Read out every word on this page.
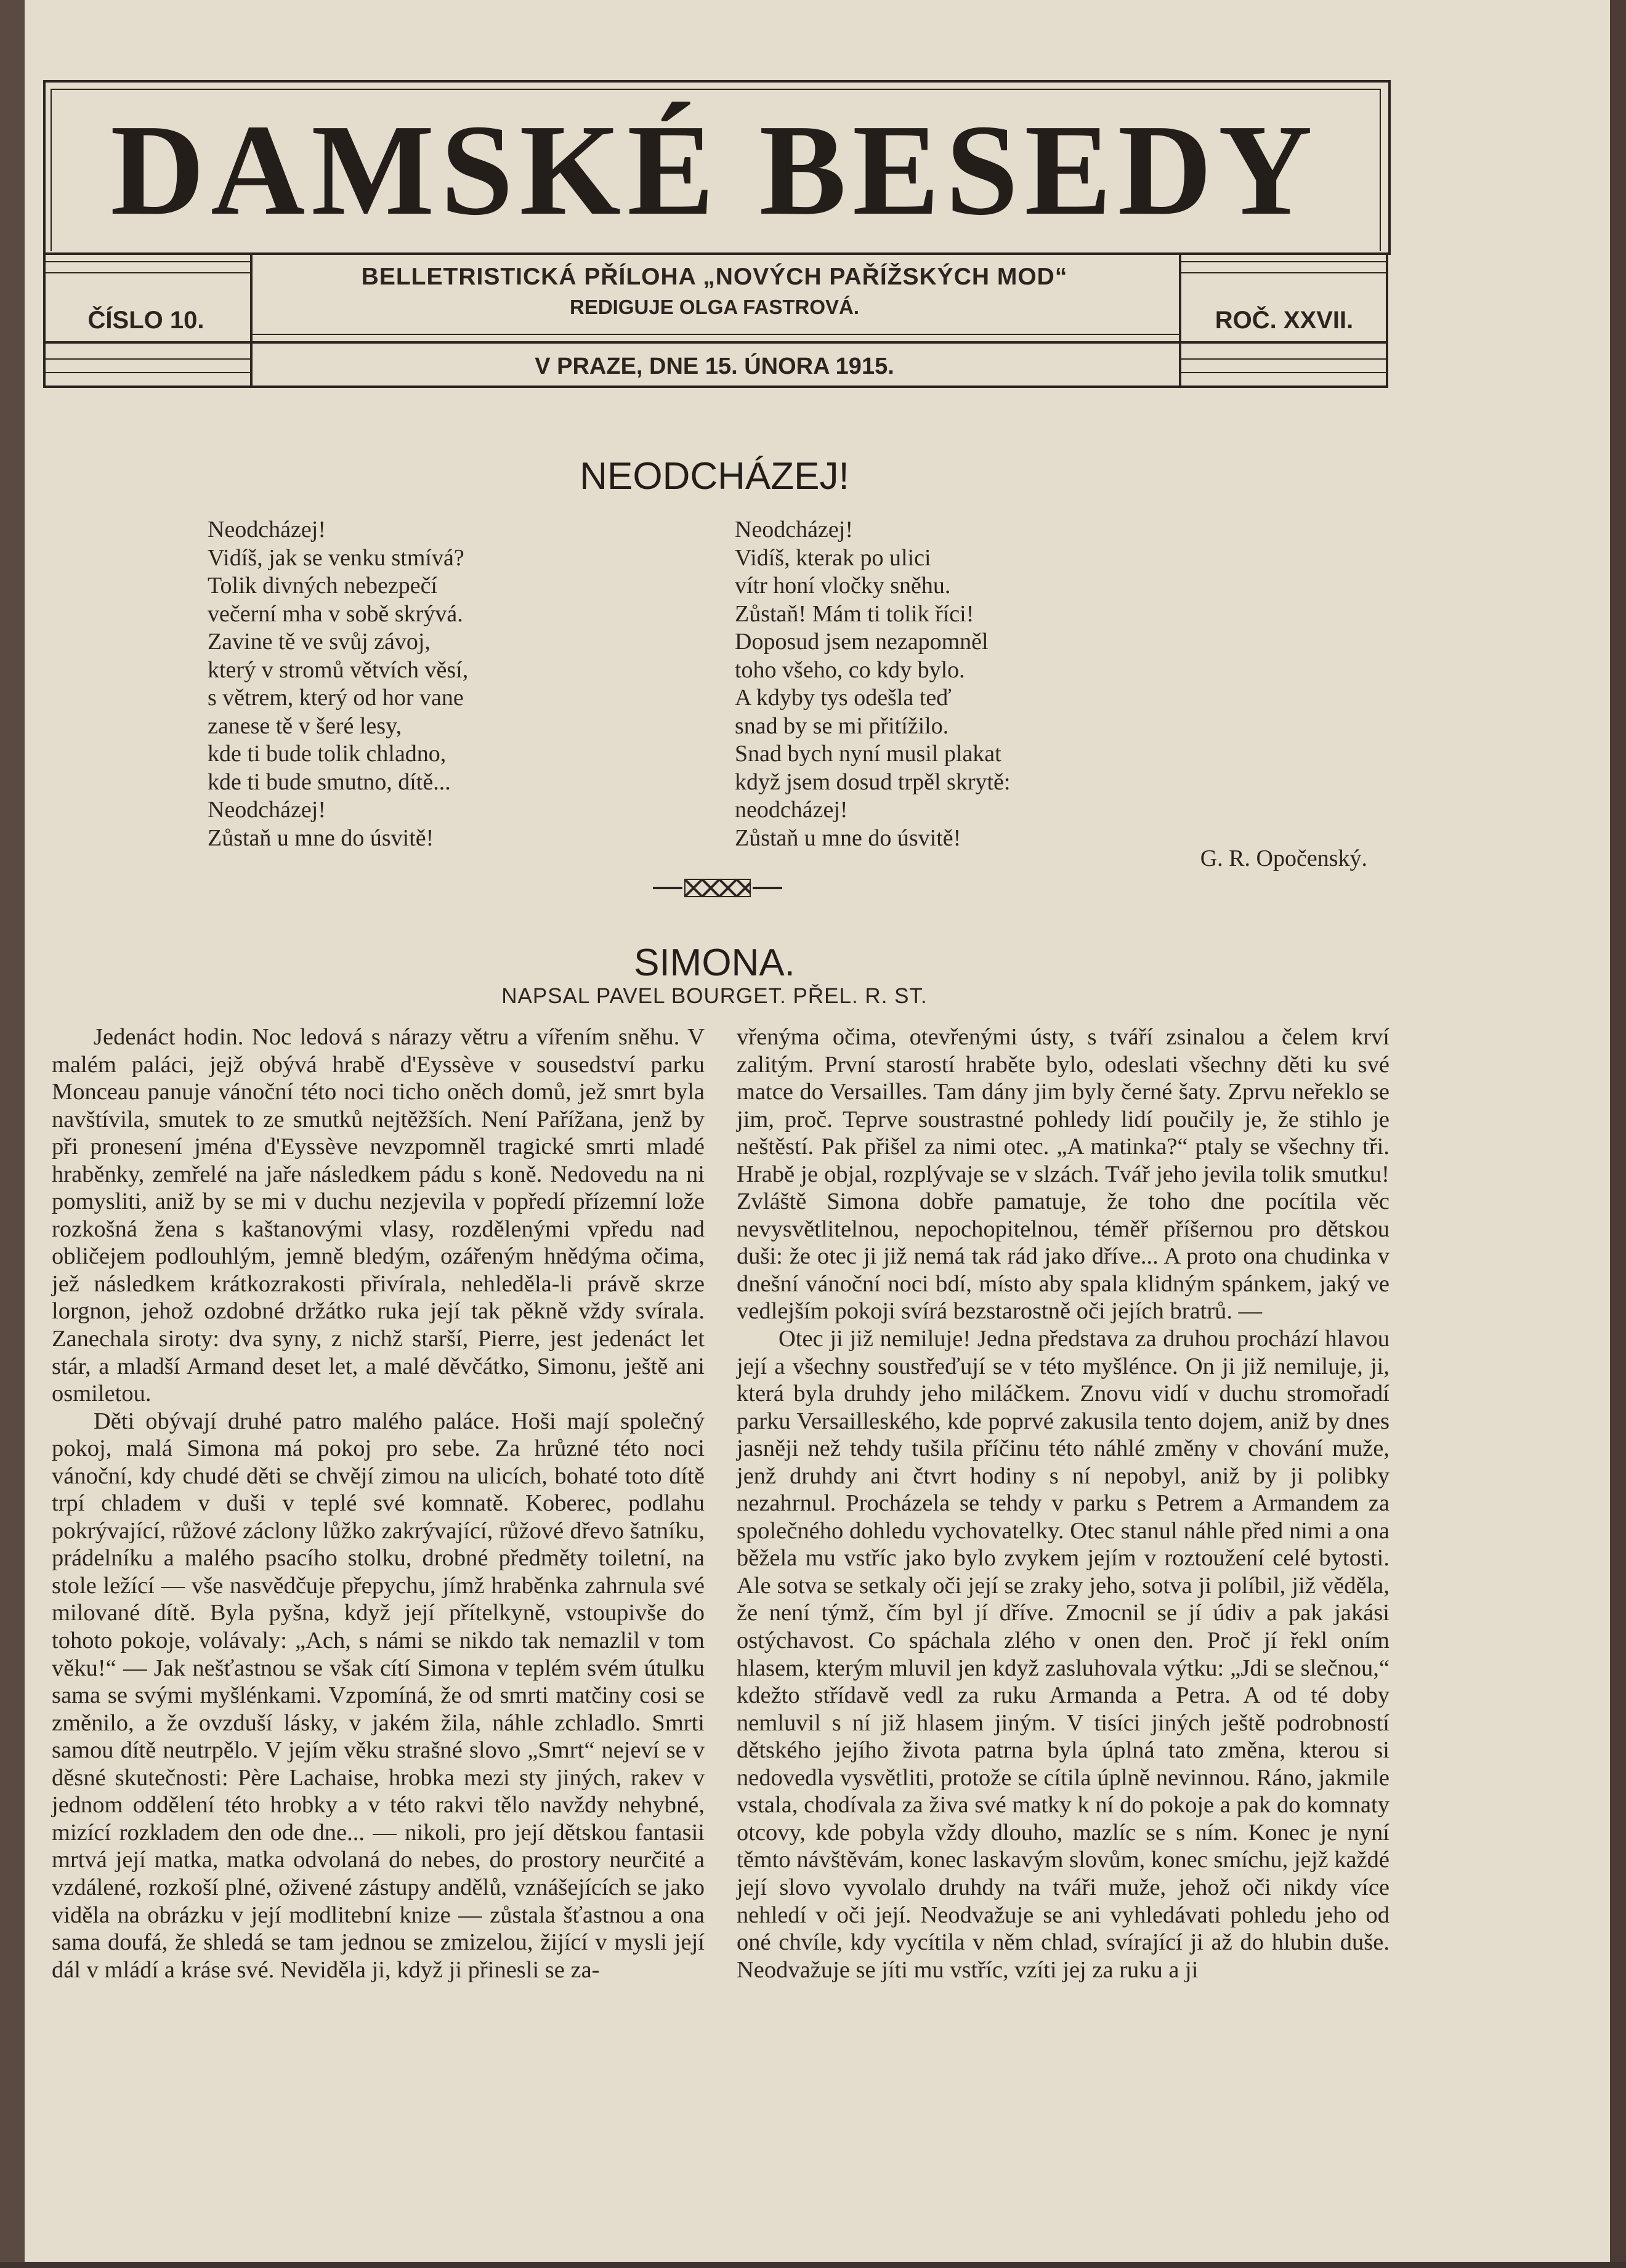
DAMSKÉ BESEDY
ČÍSLO 10.	ROČ. XXVII.
BELLETRISTICKÁ PŘÍLOHA „NOVÝCH PAŘÍŽSKÝCH MOD“
REDIGUJE OLGA FASTROVÁ.
V PRAZE, DNE 15. ÚNORA 1915.
NEODCHÁZEJ!
Neodcházej!
Vidíš, jak se venku stmívá?
Tolik divných nebezpečí
večerní mha v sobě skrývá.
Zavine tě ve svůj závoj,
který v stromů větvích věsí,
s větrem, který od hor vane
zanese tě v šeré lesy,
kde ti bude tolik chladno,
kde ti bude smutno, dítě...
Neodcházej!
Zůstaň u mne do úsvitě!
Neodcházej!
Vidíš, kterak po ulici
vítr honí vločky sněhu.
Zůstaň! Mám ti tolik říci!
Doposud jsem nezapomněl
toho všeho, co kdy bylo.
A kdyby tys odešla teď
snad by se mi přitížilo.
Snad bych nyní musil plakat
když jsem dosud trpěl skrytě:
neodcházej!
Zůstaň u mne do úsvitě!
G. R. Opočenský.
SIMONA.
NAPSAL PAVEL BOURGET. PŘEL. R. ST.

Jedenáct hodin. Noc ledová s nárazy větru a vířením sněhu. V malém paláci, jejž obývá hrabě d'Eyssève v sousedství parku Monceau panuje vánoční této noci ticho oněch domů, jež smrt byla navštívila, smutek to ze smutků nejtěžších. Není Pařížana, jenž by při pronesení jména d'Eyssève nevzpomněl tragické smrti mladé hraběnky, zemřelé na jaře následkem pádu s koně. Nedovedu na ni pomysliti, aniž by se mi v duchu nezjevila v popředí přízemní lože rozkošná žena s kaštanovými vlasy, rozdělenými vpředu nad obličejem podlouhlým, jemně bledým, ozářeným hnědýma očima, jež následkem krátkozrakosti přivírala, nehleděla-li právě skrze lorgnon, jehož ozdobné držátko ruka její tak pěkně vždy svírala. Zanechala siroty: dva syny, z nichž starší, Pierre, jest jedenáct let stár, a mladší Armand deset let, a malé děvčátko, Simonu, ještě ani osmiletou.

Děti obývají druhé patro malého paláce. Hoši mají společný pokoj, malá Simona má pokoj pro sebe. Za hrůzné této noci vánoční, kdy chudé děti se chvějí zimou na ulicích, bohaté toto dítě trpí chladem v duši v teplé své komnatě. Koberec, podlahu pokrývající, růžové záclony lůžko zakrývající, růžové dřevo šatníku, prádelníku a malého psacího stolku, drobné předměty toiletní, na stole ležící — vše nasvědčuje přepychu, jímž hraběnka zahrnula své milované dítě. Byla pyšna, když její přítelkyně, vstoupivše do tohoto pokoje, volávaly: „Ach, s námi se nikdo tak nemazlil v tom věku!“ — Jak nešťastnou se však cítí Simona v teplém svém útulku sama se svými myšlénkami. Vzpomíná, že od smrti matčiny cosi se změnilo, a že ovzduší lásky, v jakém žila, náhle zchladlo. Smrti samou dítě neutrpělo. V jejím věku strašné slovo „Smrt“ nejeví se v děsné skutečnosti: Père Lachaise, hrobka mezi sty jiných, rakev v jednom oddělení této hrobky a v této rakvi tělo navždy nehybné, mizící rozkladem den ode dne... — nikoli, pro její dětskou fantasii mrtvá její matka, matka odvolaná do nebes, do prostory neurčité a vzdálené, rozkoší plné, oživené zástupy andělů, vznášejících se jako viděla na obrázku v její modlitební knize — zůstala šťastnou a ona sama doufá, že shledá se tam jednou se zmizelou, žijící v mysli její dál v mládí a kráse své. Neviděla ji, když ji přinesli se za-

vřenýma očima, otevřenými ústy, s tváří zsinalou a čelem krví zalitým. První starostí hraběte bylo, odeslati všechny děti ku své matce do Versailles. Tam dány jim byly černé šaty. Zprvu neřeklo se jim, proč. Teprve soustrastné pohledy lidí poučily je, že stihlo je neštěstí. Pak přišel za nimi otec. „A matinka?“ ptaly se všechny tři. Hrabě je objal, rozplývaje se v slzách. Tvář jeho jevila tolik smutku! Zvláště Simona dobře pamatuje, že toho dne pocítila věc nevysvětlitelnou, nepochopitelnou, téměř příšernou pro dětskou duši: že otec ji již nemá tak rád jako dříve... A proto ona chudinka v dnešní vánoční noci bdí, místo aby spala klidným spánkem, jaký ve vedlejším pokoji svírá bezstarostně oči jejích bratrů. —

Otec ji již nemiluje! Jedna představa za druhou prochází hlavou její a všechny soustřeďují se v této myšlénce. On ji již nemiluje, ji, která byla druhdy jeho miláčkem. Znovu vidí v duchu stromořadí parku Versailleského, kde poprvé zakusila tento dojem, aniž by dnes jasněji než tehdy tušila příčinu této náhlé změny v chování muže, jenž druhdy ani čtvrt hodiny s ní nepobyl, aniž by ji polibky nezahrnul. Procházela se tehdy v parku s Petrem a Armandem za společného dohledu vychovatelky. Otec stanul náhle před nimi a ona běžela mu vstříc jako bylo zvykem jejím v roztoužení celé bytosti. Ale sotva se setkaly oči její se zraky jeho, sotva ji políbil, již věděla, že není týmž, čím byl jí dříve. Zmocnil se jí údiv a pak jakási ostýchavost. Co spáchala zlého v onen den. Proč jí řekl oním hlasem, kterým mluvil jen když zasluhovala výtku: „Jdi se slečnou,“ kdežto střídavě vedl za ruku Armanda a Petra. A od té doby nemluvil s ní již hlasem jiným. V tisíci jiných ještě podrobností dětského jejího života patrna byla úplná tato změna, kterou si nedovedla vysvětliti, protože se cítila úplně nevinnou. Ráno, jakmile vstala, chodívala za živa své matky k ní do pokoje a pak do komnaty otcovy, kde pobyla vždy dlouho, mazlíc se s ním. Konec je nyní těmto návštěvám, konec laskavým slovům, konec smíchu, jejž každé její slovo vyvolalo druhdy na tváři muže, jehož oči nikdy více nehledí v oči její. Neodvažuje se ani vyhledávati pohledu jeho od oné chvíle, kdy vycítila v něm chlad, svírající ji až do hlubin duše. Neodvažuje se jíti mu vstříc, vzíti jej za ruku a ji
